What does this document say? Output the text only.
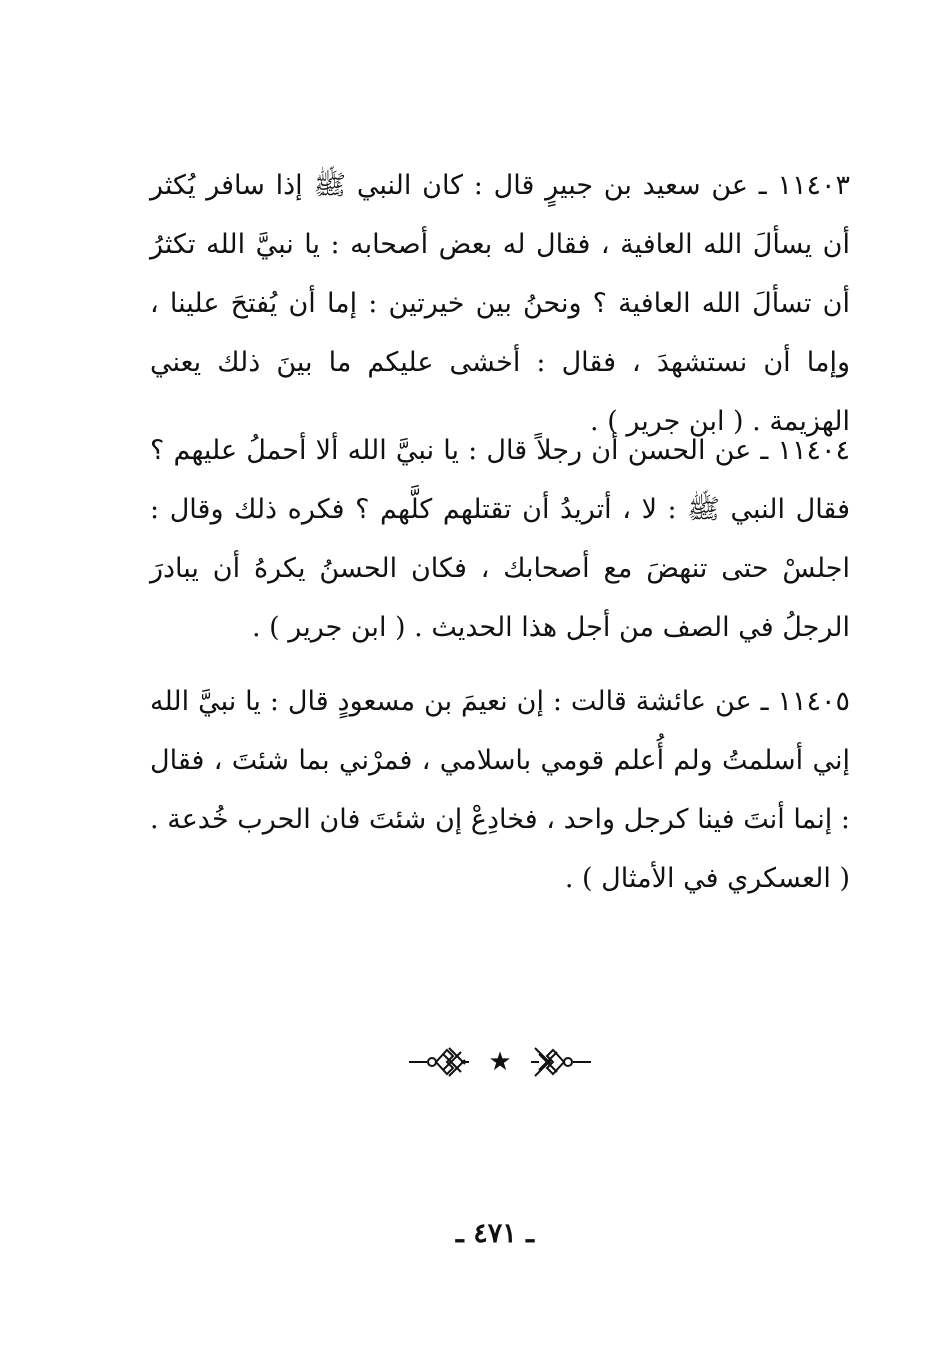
١١٤٠٣ ـ عن سعيد بن جبيرٍ قال : كان النبي ﷺ إذا سافر يُكثر أن يسألَ الله العافية ، فقال له بعض أصحابه : يا نبيَّ الله تكثرُ أن تسألَ الله العافية ؟ ونحنُ بين خيرتين : إما أن يُفتحَ علينا ، وإما أن نستشهدَ ، فقال : أخشى عليكم ما بينَ ذلك يعني الهزيمة . ( ابن جرير ) .
١١٤٠٤ ـ عن الحسن أن رجلاً قال : يا نبيَّ الله ألا أحملُ عليهم ؟ فقال النبي ﷺ : لا ، أتريدُ أن تقتلهم كلَّهم ؟ فكره ذلك وقال : اجلسْ حتى تنهضَ مع أصحابك ، فكان الحسنُ يكرهُ أن يبادرَ الرجلُ في الصف من أجل هذا الحديث . ( ابن جرير ) .
١١٤٠٥ ـ عن عائشة قالت : إن نعيمَ بن مسعودٍ قال : يا نبيَّ الله إني أسلمتُ ولم أُعلم قومي باسلامي ، فمرْني بما شئتَ ، فقال : إنما أنتَ فينا كرجل واحد ، فخادِعْ إن شئتَ فان الحرب خُدعة . ( العسكري في الأمثال ) .
★
ـ ٤٧١ ـ
